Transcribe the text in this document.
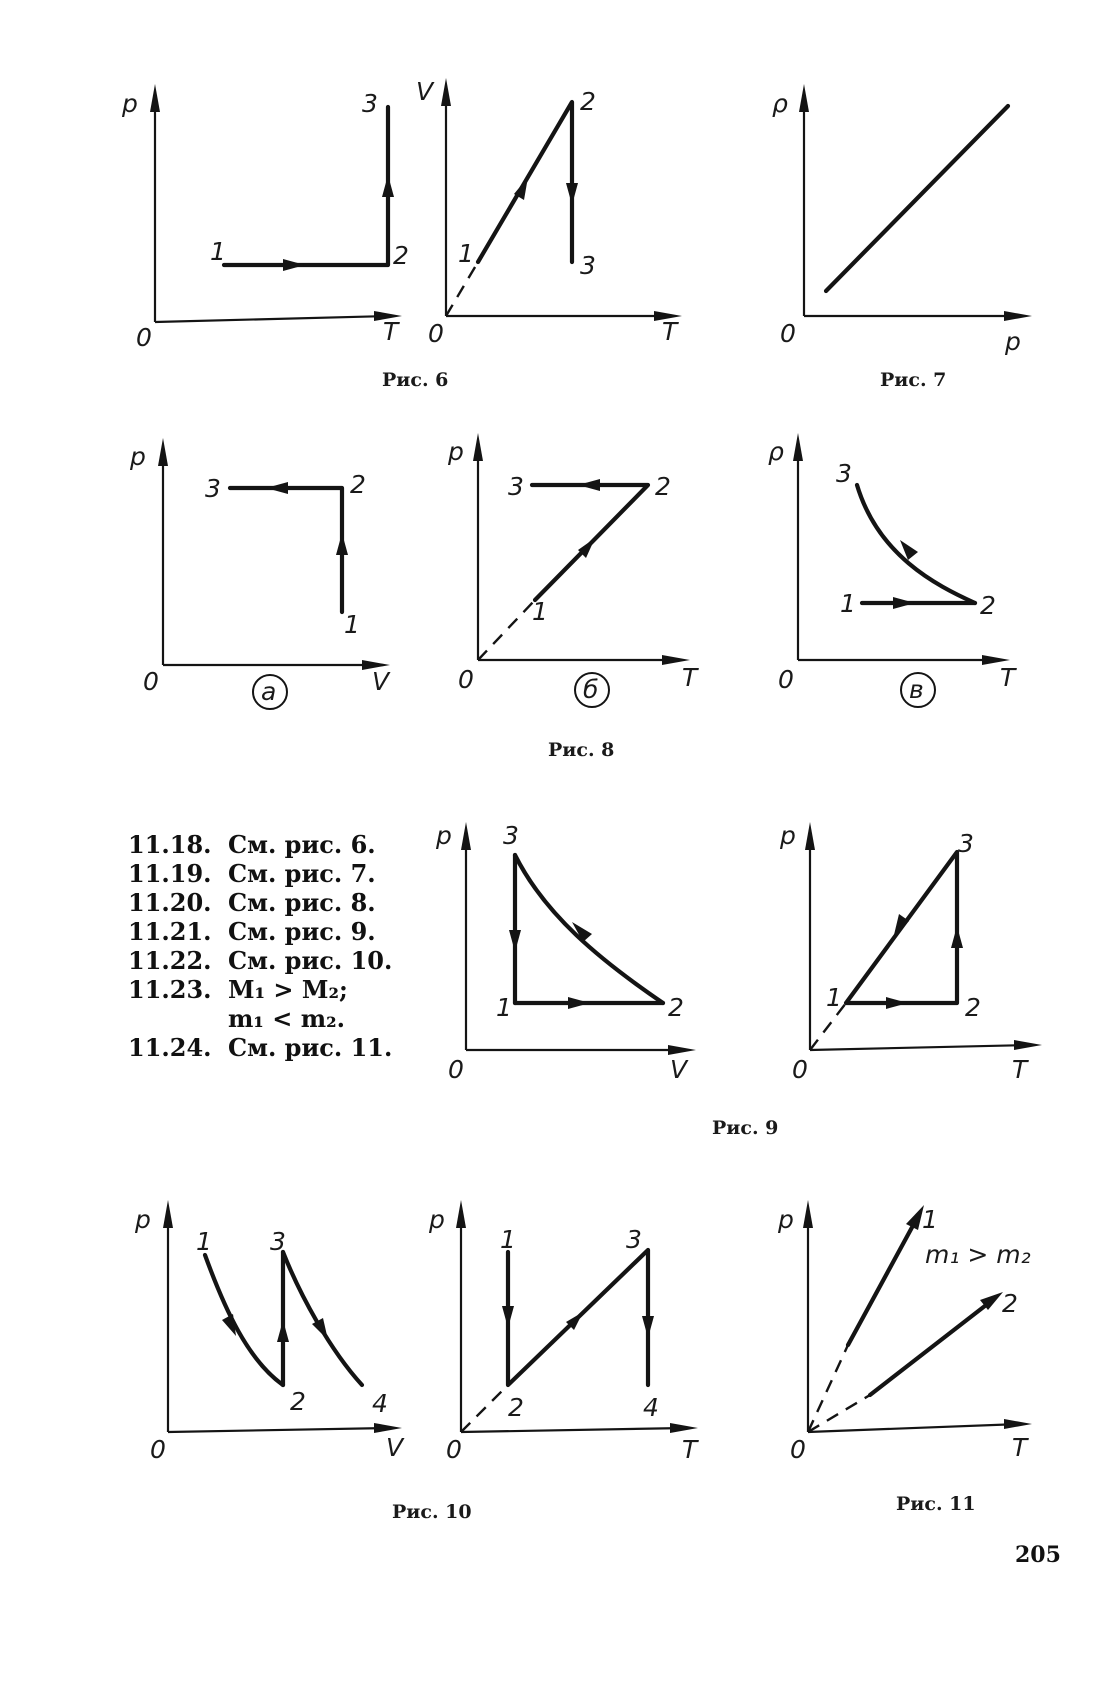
p
T
0
1	2
3 V
T
0
1
2
3
Рис. 6
ρ
p
0
Рис. 7
p
V
0
1
2
3
а
p
T
0
1
2
3
б
ρ
T
0
1	2
3
в
Рис. 8
p
V
0
1	2
3	p
T
0
1	2
3
Рис. 9
p
V
0
1
2
3
4
p
T
0
1
2
3
4
Рис. 10
p
T
0
1
2
m₁ > m₂
Рис. 11
11.18. См. рис. 6.
11.19. См. рис. 7.
11.20. См. рис. 8.
11.21. См. рис. 9.
11.22. См. рис. 10.
11.23. M₁ > M₂;
m₁ < m₂.
11.24. См. рис. 11.
205
